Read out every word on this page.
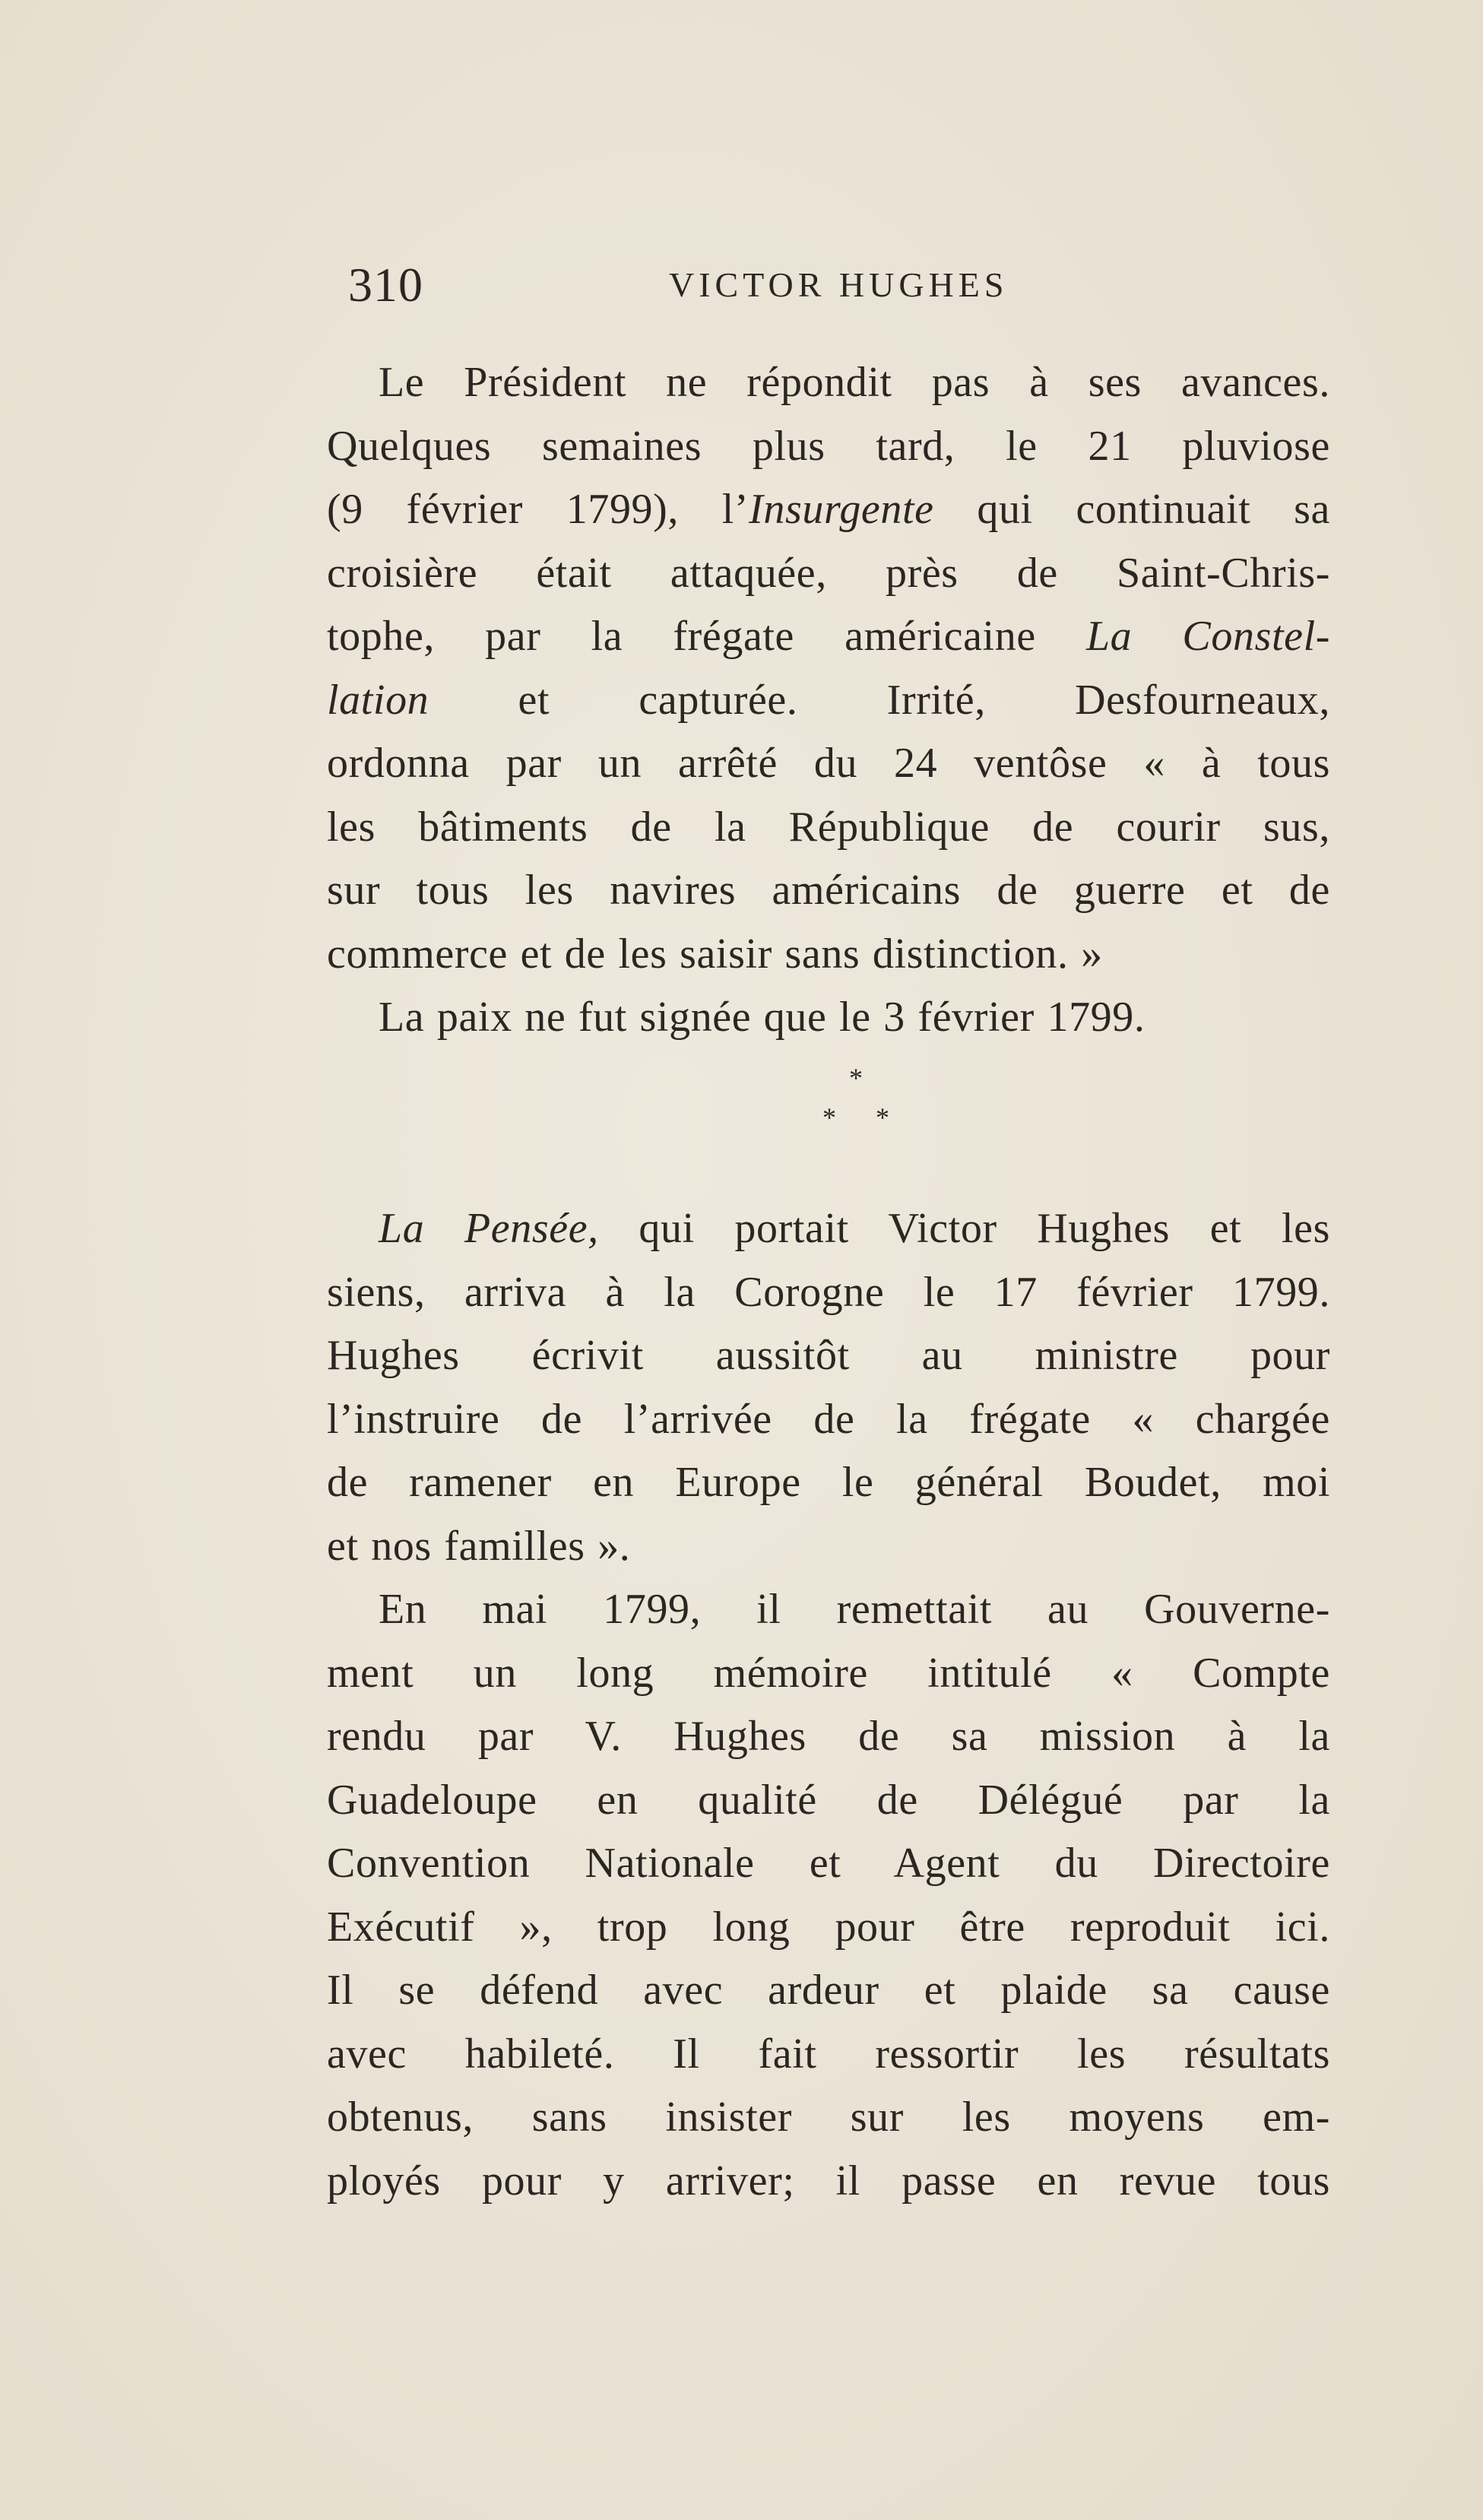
310	VICTOR HUGHES
Le Président ne répondit pas à ses avances.
Quelques semaines plus tard, le 21 pluviose
(9 février 1799), l’Insurgente qui continuait sa
croisière était attaquée, près de Saint-Chris-
tophe, par la frégate américaine La Constel-
lation et capturée. Irrité, Desfourneaux,
ordonna par un arrêté du 24 ventôse « à tous
les bâtiments de la République de courir sus,
sur tous les navires américains de guerre et de
commerce et de les saisir sans distinction. »
La paix ne fut signée que le 3 février 1799.
*
* *
La Pensée, qui portait Victor Hughes et les
siens, arriva à la Corogne le 17 février 1799.
Hughes écrivit aussitôt au ministre pour
l’instruire de l’arrivée de la frégate « chargée
de ramener en Europe le général Boudet, moi
et nos familles ».
En mai 1799, il remettait au Gouverne-
ment un long mémoire intitulé « Compte
rendu par V. Hughes de sa mission à la
Guadeloupe en qualité de Délégué par la
Convention Nationale et Agent du Directoire
Exécutif », trop long pour être reproduit ici.
Il se défend avec ardeur et plaide sa cause
avec habileté. Il fait ressortir les résultats
obtenus, sans insister sur les moyens em-
ployés pour y arriver; il passe en revue tous
